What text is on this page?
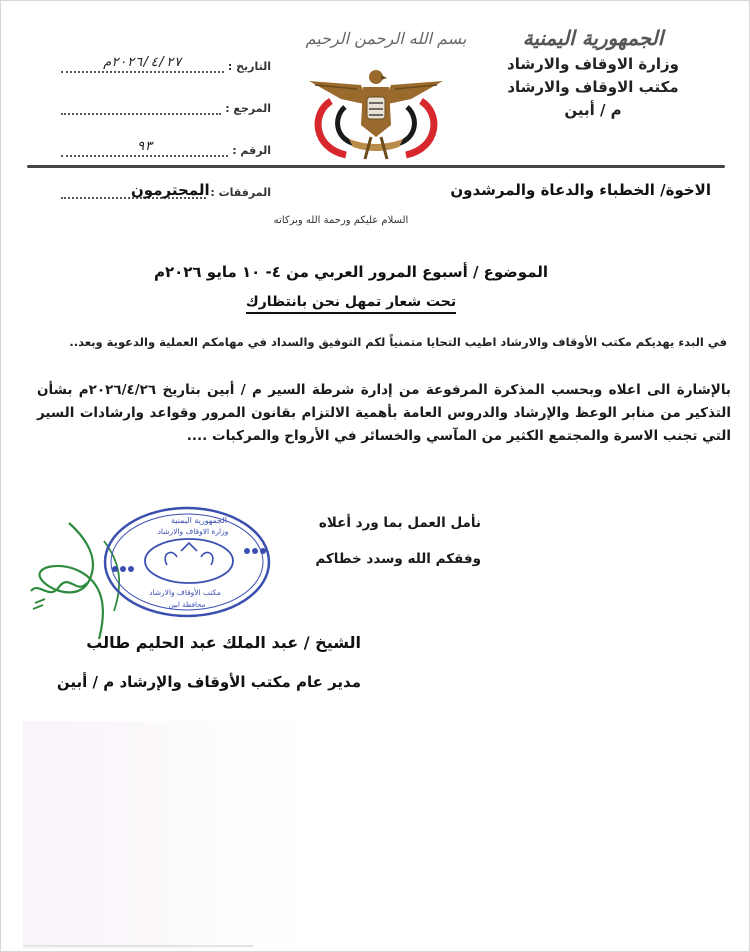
الجمهورية اليمنية
وزارة الاوقاف والارشاد
مكتب الاوقاف والارشاد
م / أبين
بسم الله الرحمن الرحيم
التاريخ :
٢٠٢٦/٤/٢٧م
المرجع :
الرقم :
٩٣
المرفقات :	الاخوة/ الخطباء والدعاة والمرشدون
المحترمون
السلام عليكم ورحمة الله وبركاته
الموضوع / أسبوع المرور العربي من ٤- ١٠ مايو ٢٠٢٦م
تحت شعار تمهل نحن بانتظارك
في البدء يهديكم مكتب الأوقاف والارشاد اطيب التحايا متمنياً لكم التوفيق والسداد في مهامكم العملية والدعوية وبعد..
بالإشارة الى اعلاه وبحسب المذكرة المرفوعة من إدارة شرطة السير م / أبين بتاريخ ٢٠٢٦/٤/٢٦م بشأن التذكير من منابر الوعظ والإرشاد والدروس العامة بأهمية الالتزام بقانون المرور وقواعد وارشادات السير التي تجنب الاسرة والمجتمع الكثير من المآسي والخسائر في الأرواح والمركبات ....
الجمهورية اليمنية
وزارة الاوقاف والارشاد
مكتب الأوقاف والارشاد
محافظة ابين
نأمل العمل بما ورد أعلاه
وفقكم الله وسدد خطاكم
الشيخ / عبد الملك عبد الحليم طالب
مدير عام مكتب الأوقاف والإرشاد م / أبين
